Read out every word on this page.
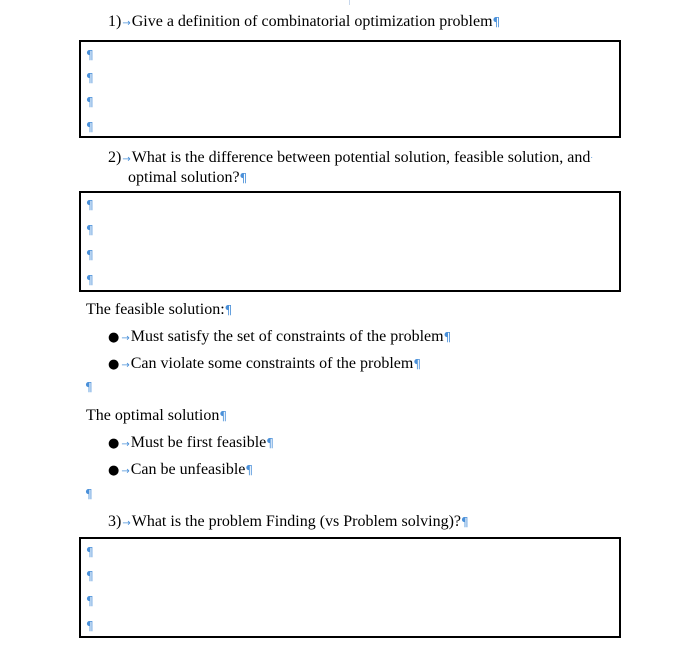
1)→Give a definition of combinatorial optimization problem¶
¶
¶
¶
¶
2)→What is the difference between potential solution, feasible solution, and·
optimal solution?¶
¶
¶
¶
¶
The feasible solution:¶
● →Must satisfy the set of constraints of the problem¶
● →Can violate some constraints of the problem¶
¶
The optimal solution¶
● →Must be first feasible¶
● →Can be unfeasible¶
¶
3)→What is the problem Finding (vs Problem solving)?¶
¶
¶
¶
¶
